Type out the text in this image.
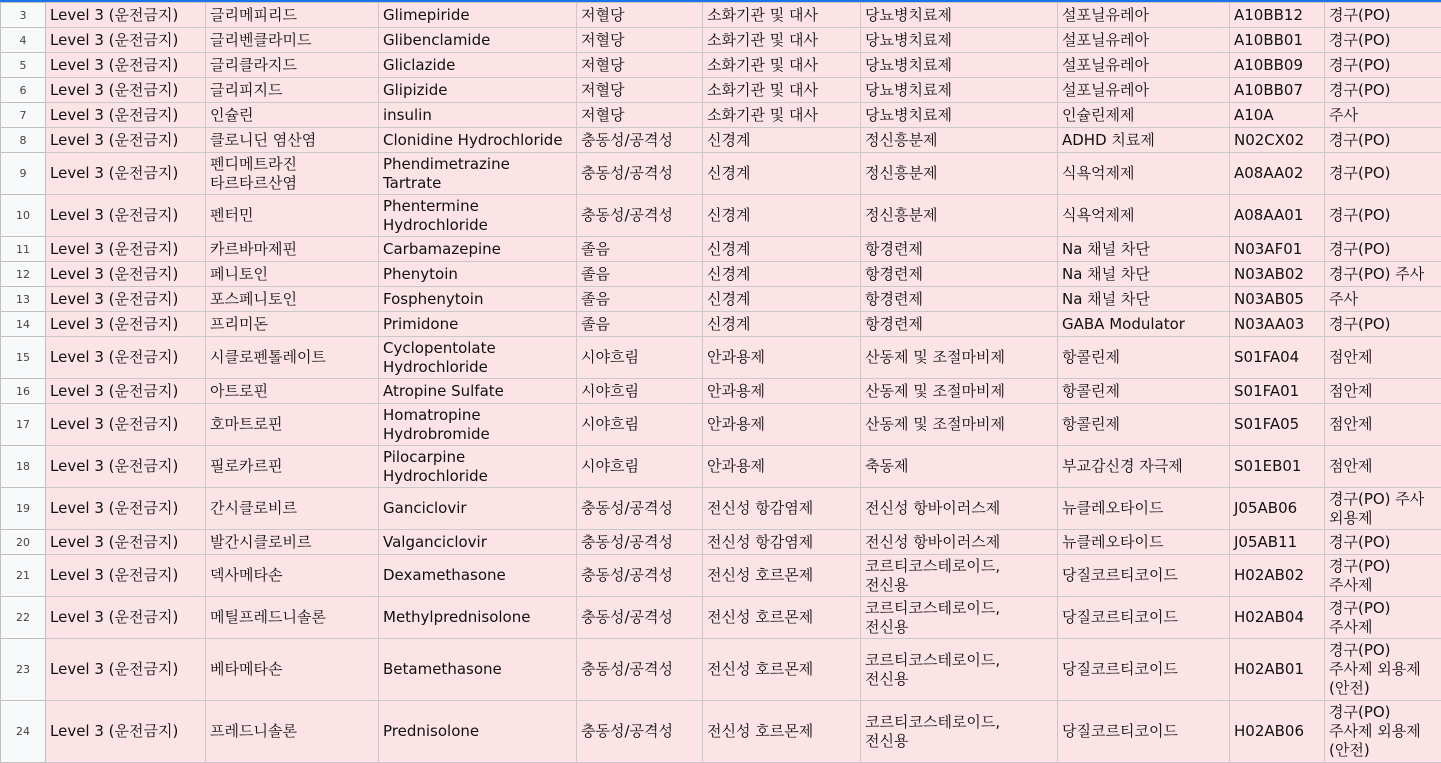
3	Level 3 (운전금지)	글리메피리드	Glimepiride	저혈당	소화기관 및 대사	당뇨병치료제	설포닐유레아	A10BB12	경구(PO)

4	Level 3 (운전금지)	글리벤클라미드	Glibenclamide	저혈당	소화기관 및 대사	당뇨병치료제	설포닐유레아	A10BB01	경구(PO)

5	Level 3 (운전금지)	글리클라지드	Gliclazide	저혈당	소화기관 및 대사	당뇨병치료제	설포닐유레아	A10BB09	경구(PO)

6	Level 3 (운전금지)	글리피지드	Glipizide	저혈당	소화기관 및 대사	당뇨병치료제	설포닐유레아	A10BB07	경구(PO)

7	Level 3 (운전금지)	인슐린	insulin	저혈당	소화기관 및 대사	당뇨병치료제	인슐린제제	A10A	주사

8	Level 3 (운전금지)	클로니딘 염산염	Clonidine Hydrochloride	충동성/공격성	신경계	정신흥분제	ADHD 치료제	N02CX02	경구(PO)

9	Level 3 (운전금지)	펜디메트라진
타르타르산염	Phendimetrazine Tartrate	충동성/공격성	신경계	정신흥분제	식욕억제제	A08AA02	경구(PO)

10	Level 3 (운전금지)	펜터민	Phentermine
Hydrochloride	충동성/공격성	신경계	정신흥분제	식욕억제제	A08AA01	경구(PO)

11	Level 3 (운전금지)	카르바마제핀	Carbamazepine	졸음	신경계	항경련제	Na 채널 차단	N03AF01	경구(PO)

12	Level 3 (운전금지)	페니토인	Phenytoin	졸음	신경계	항경련제	Na 채널 차단	N03AB02	경구(PO) 주사

13	Level 3 (운전금지)	포스페니토인	Fosphenytoin	졸음	신경계	항경련제	Na 채널 차단	N03AB05	주사

14	Level 3 (운전금지)	프리미돈	Primidone	졸음	신경계	항경련제	GABA Modulator	N03AA03	경구(PO)

15	Level 3 (운전금지)	시클로펜톨레이트	Cyclopentolate
Hydrochloride	시야흐림	안과용제	산동제 및 조절마비제	항콜린제	S01FA04	점안제

16	Level 3 (운전금지)	아트로핀	Atropine Sulfate	시야흐림	안과용제	산동제 및 조절마비제	항콜린제	S01FA01	점안제

17	Level 3 (운전금지)	호마트로핀	Homatropine
Hydrobromide	시야흐림	안과용제	산동제 및 조절마비제	항콜린제	S01FA05	점안제

18	Level 3 (운전금지)	필로카르핀	Pilocarpine
Hydrochloride	시야흐림	안과용제	축동제	부교감신경 자극제	S01EB01	점안제

19	Level 3 (운전금지)	간시클로비르	Ganciclovir	충동성/공격성	전신성 항감염제	전신성 항바이러스제	뉴클레오타이드	J05AB06	경구(PO) 주사
외용제

20	Level 3 (운전금지)	발간시클로비르	Valganciclovir	충동성/공격성	전신성 항감염제	전신성 항바이러스제	뉴클레오타이드	J05AB11	경구(PO)

21	Level 3 (운전금지)	덱사메타손	Dexamethasone	충동성/공격성	전신성 호르몬제	코르티코스테로이드,
전신용	당질코르티코이드	H02AB02	경구(PO)
주사제

22	Level 3 (운전금지)	메틸프레드니솔론	Methylprednisolone	충동성/공격성	전신성 호르몬제	코르티코스테로이드,
전신용	당질코르티코이드	H02AB04	경구(PO)
주사제

23	Level 3 (운전금지)	베타메타손	Betamethasone	충동성/공격성	전신성 호르몬제	코르티코스테로이드,
전신용	당질코르티코이드	H02AB01	경구(PO)
주사제 외용제
(안전)

24	Level 3 (운전금지)	프레드니솔론	Prednisolone	충동성/공격성	전신성 호르몬제	코르티코스테로이드,
전신용	당질코르티코이드	H02AB06	경구(PO)
주사제 외용제
(안전)
